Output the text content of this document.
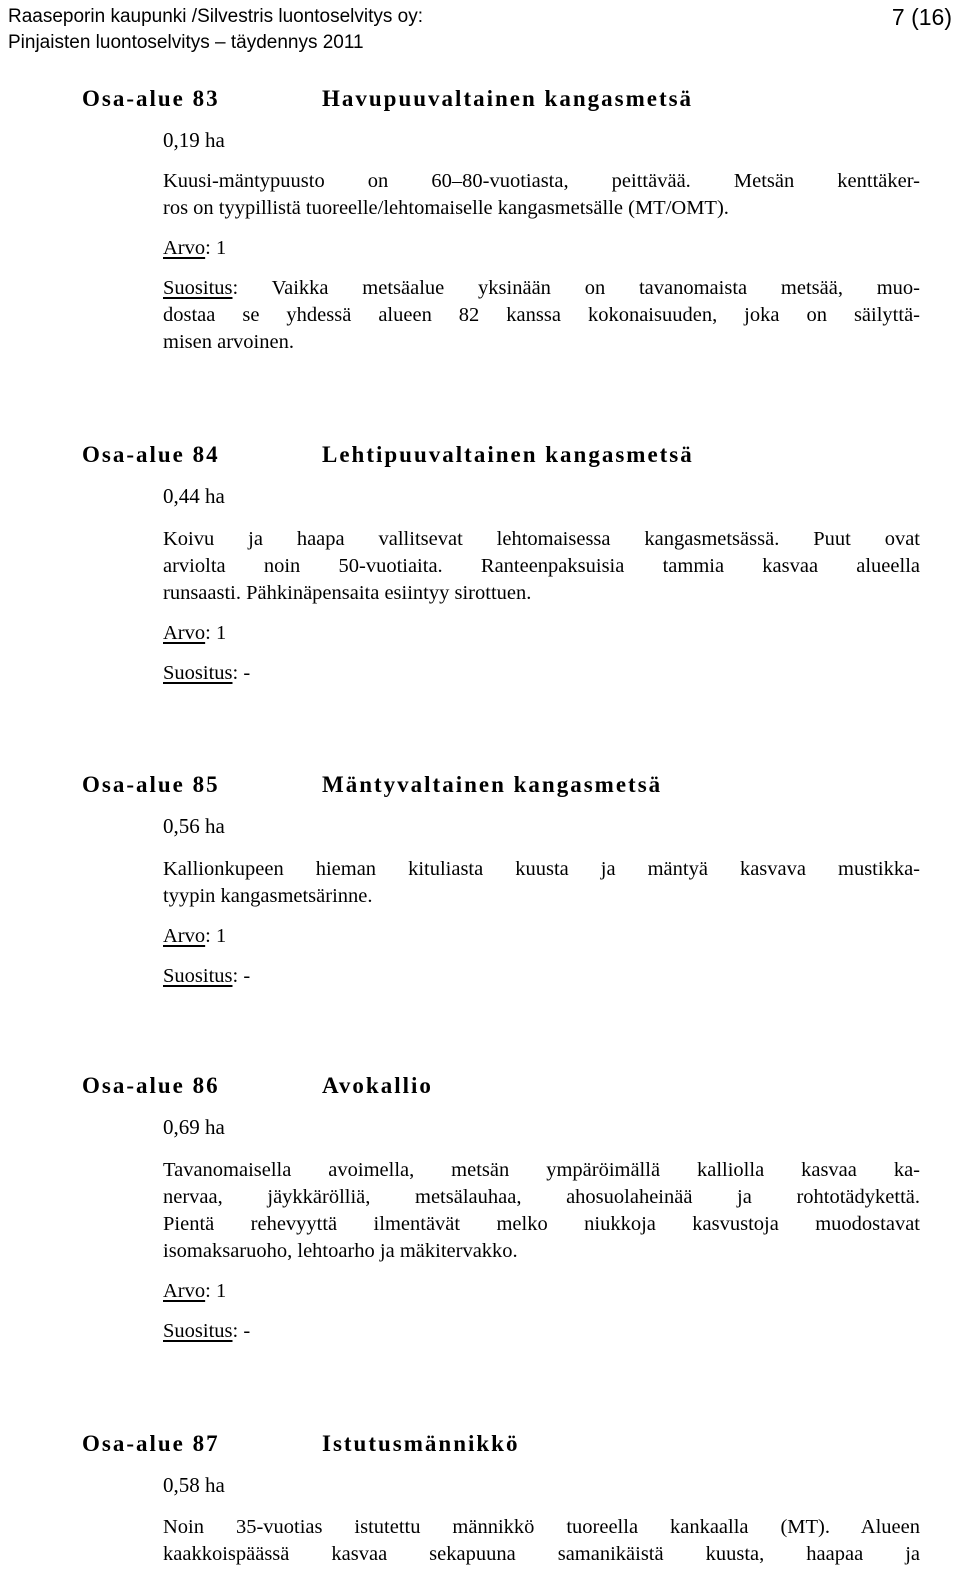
Raaseporin kaupunki /Silvestris luontoselvitys oy:
Pinjaisten luontoselvitys – täydennys 2011
7 (16)
Osa-alue 83	Havupuuvaltainen kangasmetsä
0,19 ha

Kuusi-mäntypuusto on 60–80-vuotiasta, peittävää. Metsän kenttäker-
ros on tyypillistä tuoreelle/lehtomaiselle kangasmetsälle (MT/OMT).

Arvo: 1

Suositus: Vaikka metsäalue yksinään on tavanomaista metsää, muo-
dostaa se yhdessä alueen 82 kanssa kokonaisuuden, joka on säilyttä-
misen arvoinen.

Osa-alue 84	Lehtipuuvaltainen kangasmetsä
0,44 ha

Koivu ja haapa vallitsevat lehtomaisessa kangasmetsässä. Puut ovat
arviolta noin 50-vuotiaita. Ranteenpaksuisia tammia kasvaa alueella
runsaasti. Pähkinäpensaita esiintyy sirottuen.

Arvo: 1

Suositus: -

Osa-alue 85	Mäntyvaltainen kangasmetsä
0,56 ha

Kallionkupeen hieman kituliasta kuusta ja mäntyä kasvava mustikka-
tyypin kangasmetsärinne.

Arvo: 1

Suositus: -

Osa-alue 86	Avokallio
0,69 ha

Tavanomaisella avoimella, metsän ympäröimällä kalliolla kasvaa ka-
nervaa, jäykkärölliä, metsälauhaa, ahosuolaheinää ja rohtotädykettä.
Pientä rehevyyttä ilmentävät melko niukkoja kasvustoja muodostavat
isomaksaruoho, lehtoarho ja mäkitervakko.

Arvo: 1

Suositus: -

Osa-alue 87	Istutusmännikkö
0,58 ha

Noin 35-vuotias istutettu männikkö tuoreella kankaalla (MT). Alueen
kaakkoispäässä kasvaa sekapuuna samanikäistä kuusta, haapaa ja
